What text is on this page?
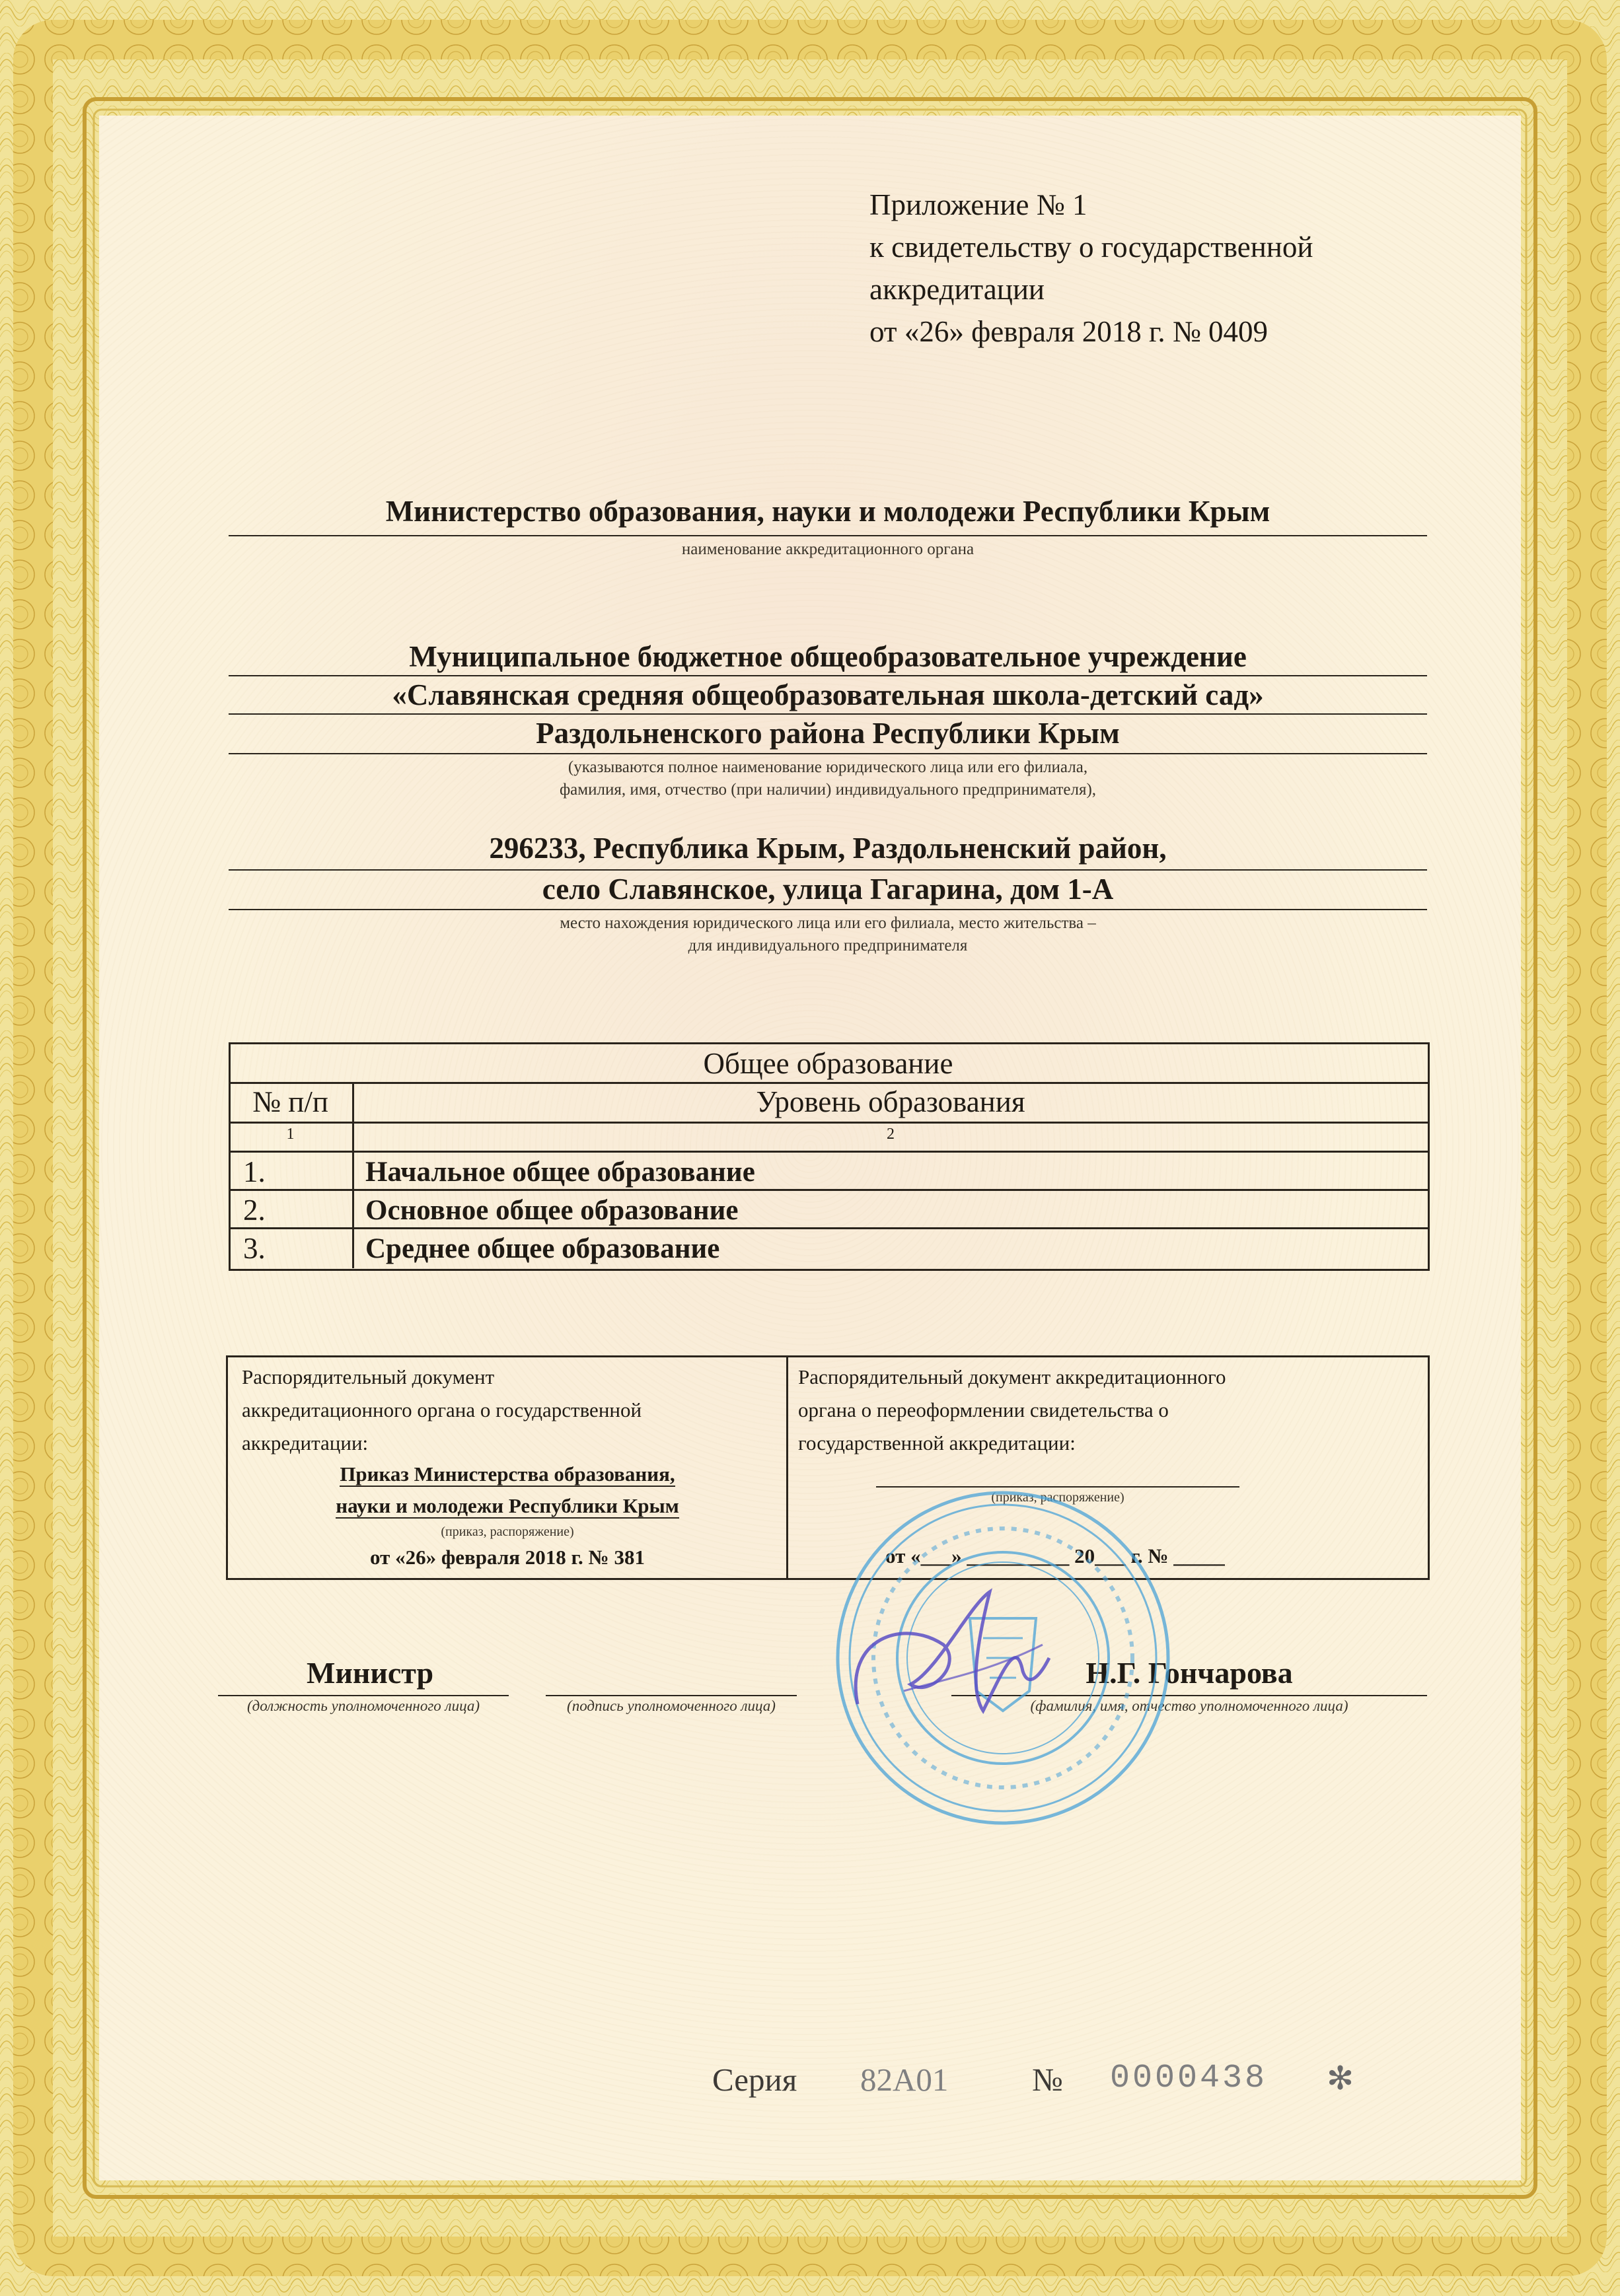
Приложение № 1
к свидетельству о государственной
аккредитации
от «26» февраля 2018 г. № 0409
Министерство образования, науки и молодежи Республики Крым
наименование аккредитационного органа
Муниципальное бюджетное общеобразовательное учреждение
«Славянская средняя общеобразовательная школа-детский сад»
Раздольненского района Республики Крым
(указываются полное наименование юридического лица или его филиала,
фамилия, имя, отчество (при наличии) индивидуального предпринимателя),
296233, Республика Крым, Раздольненский район,
село Славянское, улица Гагарина, дом 1-А
место нахождения юридического лица или его филиала, место жительства –
для индивидуального предпринимателя
Общее образование
№ п/п	Уровень образования
1	2
1.	Начальное общее образование
2.	Основное общее образование
3.	Среднее общее образование
Распорядительный документ
аккредитационного органа о государственной
аккредитации:
Приказ Министерства образования,
науки и молодежи Республики Крым
(приказ, распоряжение)
от «26» февраля 2018 г. № 381
Распорядительный документ аккредитационного
органа о переоформлении свидетельства о
государственной аккредитации:
(приказ, распоряжение)
от «___» __________ 20___ г. № _____
Министр
(должность уполномоченного лица)	(подпись уполномоченного лица)
Н.Г. Гончарова
(фамилия, имя, отчество уполномоченного лица)
Серия 82А01	№ 0000438 ✻
